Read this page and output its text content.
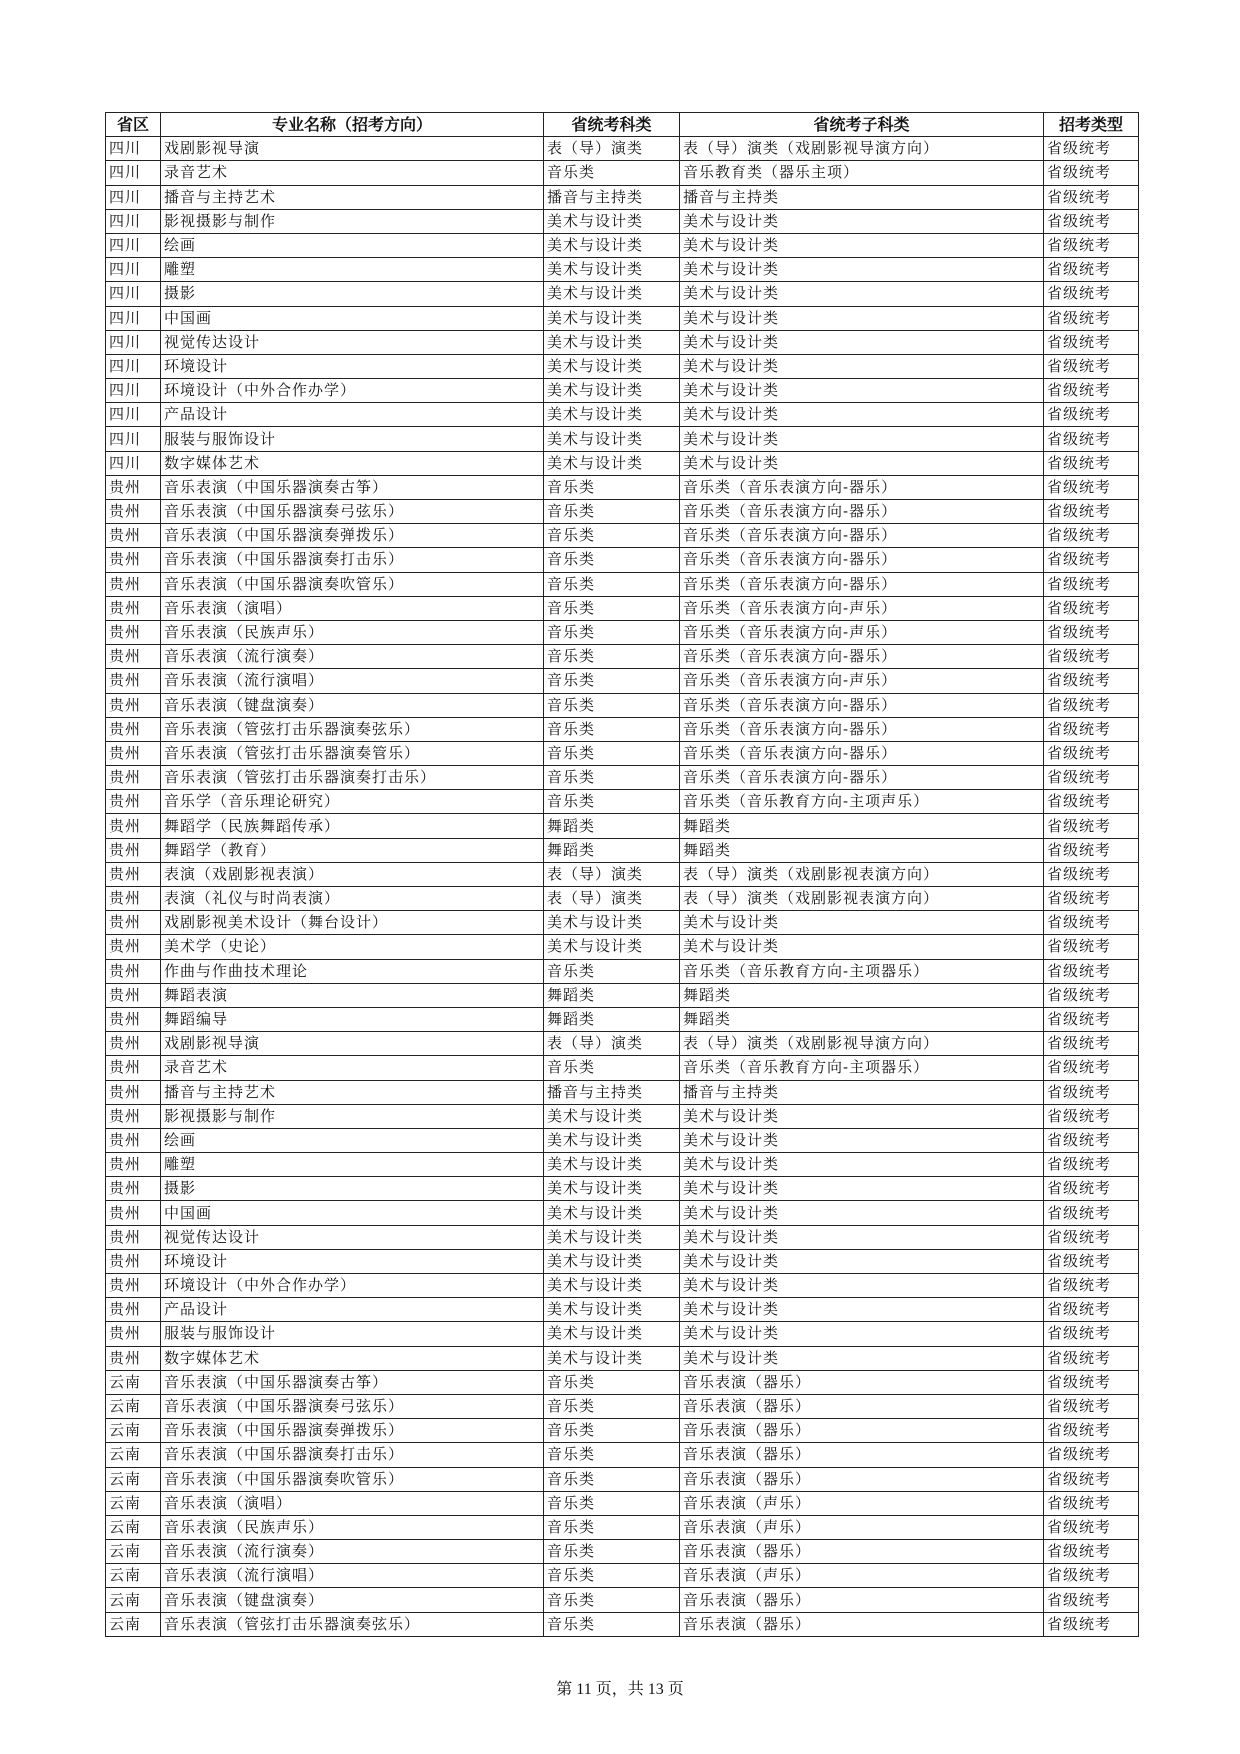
省区	专业名称（招考方向）	省统考科类	省统考子科类	招考类型
四川	戏剧影视导演	表（导）演类	表（导）演类（戏剧影视导演方向）	省级统考
四川	录音艺术	音乐类	音乐教育类（器乐主项）	省级统考
四川	播音与主持艺术	播音与主持类	播音与主持类	省级统考
四川	影视摄影与制作	美术与设计类	美术与设计类	省级统考
四川	绘画	美术与设计类	美术与设计类	省级统考
四川	雕塑	美术与设计类	美术与设计类	省级统考
四川	摄影	美术与设计类	美术与设计类	省级统考
四川	中国画	美术与设计类	美术与设计类	省级统考
四川	视觉传达设计	美术与设计类	美术与设计类	省级统考
四川	环境设计	美术与设计类	美术与设计类	省级统考
四川	环境设计（中外合作办学）	美术与设计类	美术与设计类	省级统考
四川	产品设计	美术与设计类	美术与设计类	省级统考
四川	服装与服饰设计	美术与设计类	美术与设计类	省级统考
四川	数字媒体艺术	美术与设计类	美术与设计类	省级统考
贵州	音乐表演（中国乐器演奏古筝）	音乐类	音乐类（音乐表演方向-器乐）	省级统考
贵州	音乐表演（中国乐器演奏弓弦乐）	音乐类	音乐类（音乐表演方向-器乐）	省级统考
贵州	音乐表演（中国乐器演奏弹拨乐）	音乐类	音乐类（音乐表演方向-器乐）	省级统考
贵州	音乐表演（中国乐器演奏打击乐）	音乐类	音乐类（音乐表演方向-器乐）	省级统考
贵州	音乐表演（中国乐器演奏吹管乐）	音乐类	音乐类（音乐表演方向-器乐）	省级统考
贵州	音乐表演（演唱）	音乐类	音乐类（音乐表演方向-声乐）	省级统考
贵州	音乐表演（民族声乐）	音乐类	音乐类（音乐表演方向-声乐）	省级统考
贵州	音乐表演（流行演奏）	音乐类	音乐类（音乐表演方向-器乐）	省级统考
贵州	音乐表演（流行演唱）	音乐类	音乐类（音乐表演方向-声乐）	省级统考
贵州	音乐表演（键盘演奏）	音乐类	音乐类（音乐表演方向-器乐）	省级统考
贵州	音乐表演（管弦打击乐器演奏弦乐）	音乐类	音乐类（音乐表演方向-器乐）	省级统考
贵州	音乐表演（管弦打击乐器演奏管乐）	音乐类	音乐类（音乐表演方向-器乐）	省级统考
贵州	音乐表演（管弦打击乐器演奏打击乐）	音乐类	音乐类（音乐表演方向-器乐）	省级统考
贵州	音乐学（音乐理论研究）	音乐类	音乐类（音乐教育方向-主项声乐）	省级统考
贵州	舞蹈学（民族舞蹈传承）	舞蹈类	舞蹈类	省级统考
贵州	舞蹈学（教育）	舞蹈类	舞蹈类	省级统考
贵州	表演（戏剧影视表演）	表（导）演类	表（导）演类（戏剧影视表演方向）	省级统考
贵州	表演（礼仪与时尚表演）	表（导）演类	表（导）演类（戏剧影视表演方向）	省级统考
贵州	戏剧影视美术设计（舞台设计）	美术与设计类	美术与设计类	省级统考
贵州	美术学（史论）	美术与设计类	美术与设计类	省级统考
贵州	作曲与作曲技术理论	音乐类	音乐类（音乐教育方向-主项器乐）	省级统考
贵州	舞蹈表演	舞蹈类	舞蹈类	省级统考
贵州	舞蹈编导	舞蹈类	舞蹈类	省级统考
贵州	戏剧影视导演	表（导）演类	表（导）演类（戏剧影视导演方向）	省级统考
贵州	录音艺术	音乐类	音乐类（音乐教育方向-主项器乐）	省级统考
贵州	播音与主持艺术	播音与主持类	播音与主持类	省级统考
贵州	影视摄影与制作	美术与设计类	美术与设计类	省级统考
贵州	绘画	美术与设计类	美术与设计类	省级统考
贵州	雕塑	美术与设计类	美术与设计类	省级统考
贵州	摄影	美术与设计类	美术与设计类	省级统考
贵州	中国画	美术与设计类	美术与设计类	省级统考
贵州	视觉传达设计	美术与设计类	美术与设计类	省级统考
贵州	环境设计	美术与设计类	美术与设计类	省级统考
贵州	环境设计（中外合作办学）	美术与设计类	美术与设计类	省级统考
贵州	产品设计	美术与设计类	美术与设计类	省级统考
贵州	服装与服饰设计	美术与设计类	美术与设计类	省级统考
贵州	数字媒体艺术	美术与设计类	美术与设计类	省级统考
云南	音乐表演（中国乐器演奏古筝）	音乐类	音乐表演（器乐）	省级统考
云南	音乐表演（中国乐器演奏弓弦乐）	音乐类	音乐表演（器乐）	省级统考
云南	音乐表演（中国乐器演奏弹拨乐）	音乐类	音乐表演（器乐）	省级统考
云南	音乐表演（中国乐器演奏打击乐）	音乐类	音乐表演（器乐）	省级统考
云南	音乐表演（中国乐器演奏吹管乐）	音乐类	音乐表演（器乐）	省级统考
云南	音乐表演（演唱）	音乐类	音乐表演（声乐）	省级统考
云南	音乐表演（民族声乐）	音乐类	音乐表演（声乐）	省级统考
云南	音乐表演（流行演奏）	音乐类	音乐表演（器乐）	省级统考
云南	音乐表演（流行演唱）	音乐类	音乐表演（声乐）	省级统考
云南	音乐表演（键盘演奏）	音乐类	音乐表演（器乐）	省级统考
云南	音乐表演（管弦打击乐器演奏弦乐）	音乐类	音乐表演（器乐）	省级统考
第 11 页，共 13 页
